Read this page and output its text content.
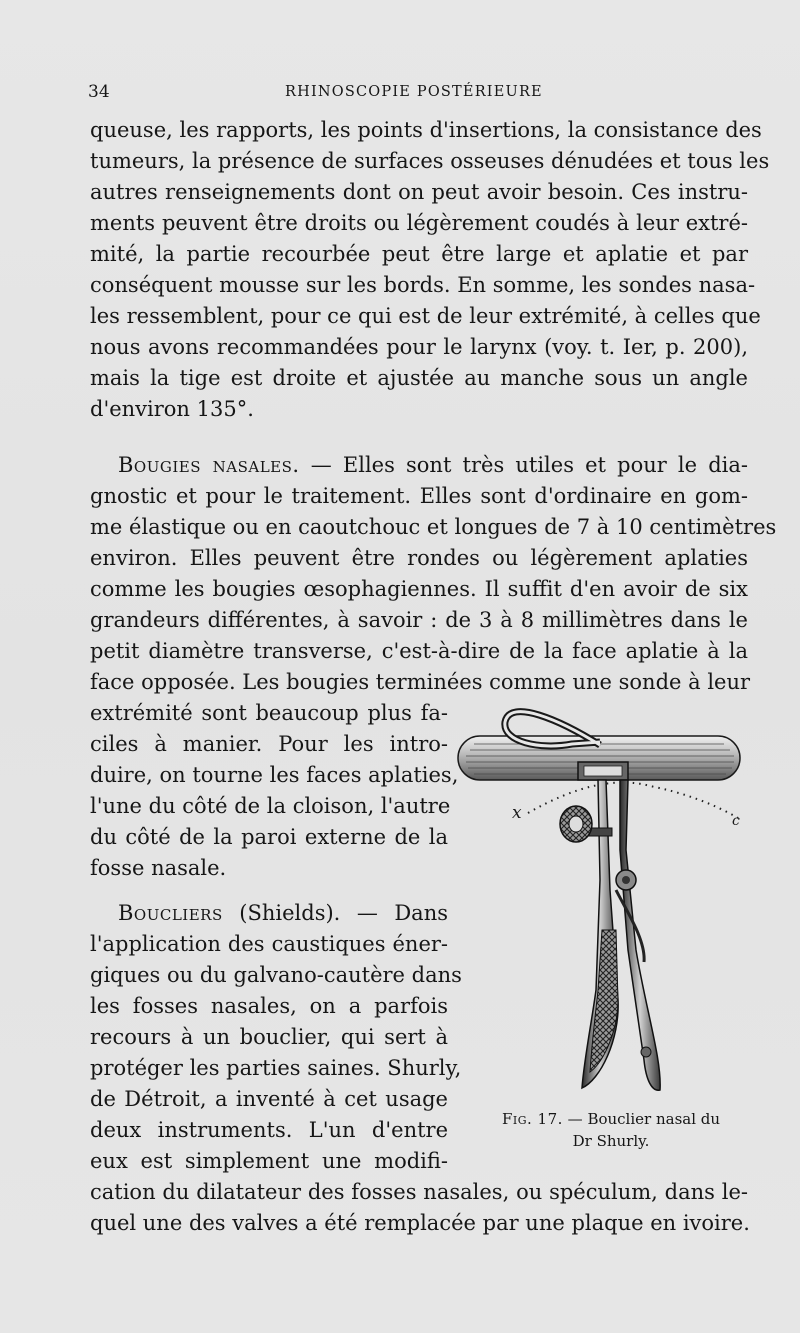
34	RHINOSCOPIE POSTÉRIEURE
queuse, les rapports, les points d'insertions, la consistance des
tumeurs, la présence de surfaces osseuses dénudées et tous les
autres renseignements dont on peut avoir besoin. Ces instru-
ments peuvent être droits ou légèrement coudés à leur extré-
mité, la partie recourbée peut être large et aplatie et par
conséquent mousse sur les bords. En somme, les sondes nasa-
les ressemblent, pour ce qui est de leur extrémité, à celles que
nous avons recommandées pour le larynx (voy. t. Ier, p. 200),
mais la tige est droite et ajustée au manche sous un angle
d'environ 135°.
Bougies nasales. — Elles sont très utiles et pour le dia-
gnostic et pour le traitement. Elles sont d'ordinaire en gom-
me élastique ou en caoutchouc et longues de 7 à 10 centimètres
environ. Elles peuvent être rondes ou légèrement aplaties
comme les bougies œsophagiennes. Il suffit d'en avoir de six
grandeurs différentes, à savoir : de 3 à 8 millimètres dans le
petit diamètre transverse, c'est-à-dire de la face aplatie à la
face opposée. Les bougies terminées comme une sonde à leur
extrémité sont beaucoup plus fa-
ciles à manier. Pour les intro-
duire, on tourne les faces aplaties,
l'une du côté de la cloison, l'autre
du côté de la paroi externe de la
fosse nasale.
Boucliers (Shields). — Dans
l'application des caustiques éner-
giques ou du galvano-cautère dans
les fosses nasales, on a parfois
recours à un bouclier, qui sert à
protéger les parties saines. Shurly,
de Détroit, a inventé à cet usage
deux instruments. L'un d'entre
eux est simplement une modifi-
cation du dilatateur des fosses nasales, ou spéculum, dans le-
quel une des valves a été remplacée par une plaque en ivoire.
x	c
Fig. 17. — Bouclier nasal du
Dr Shurly.
